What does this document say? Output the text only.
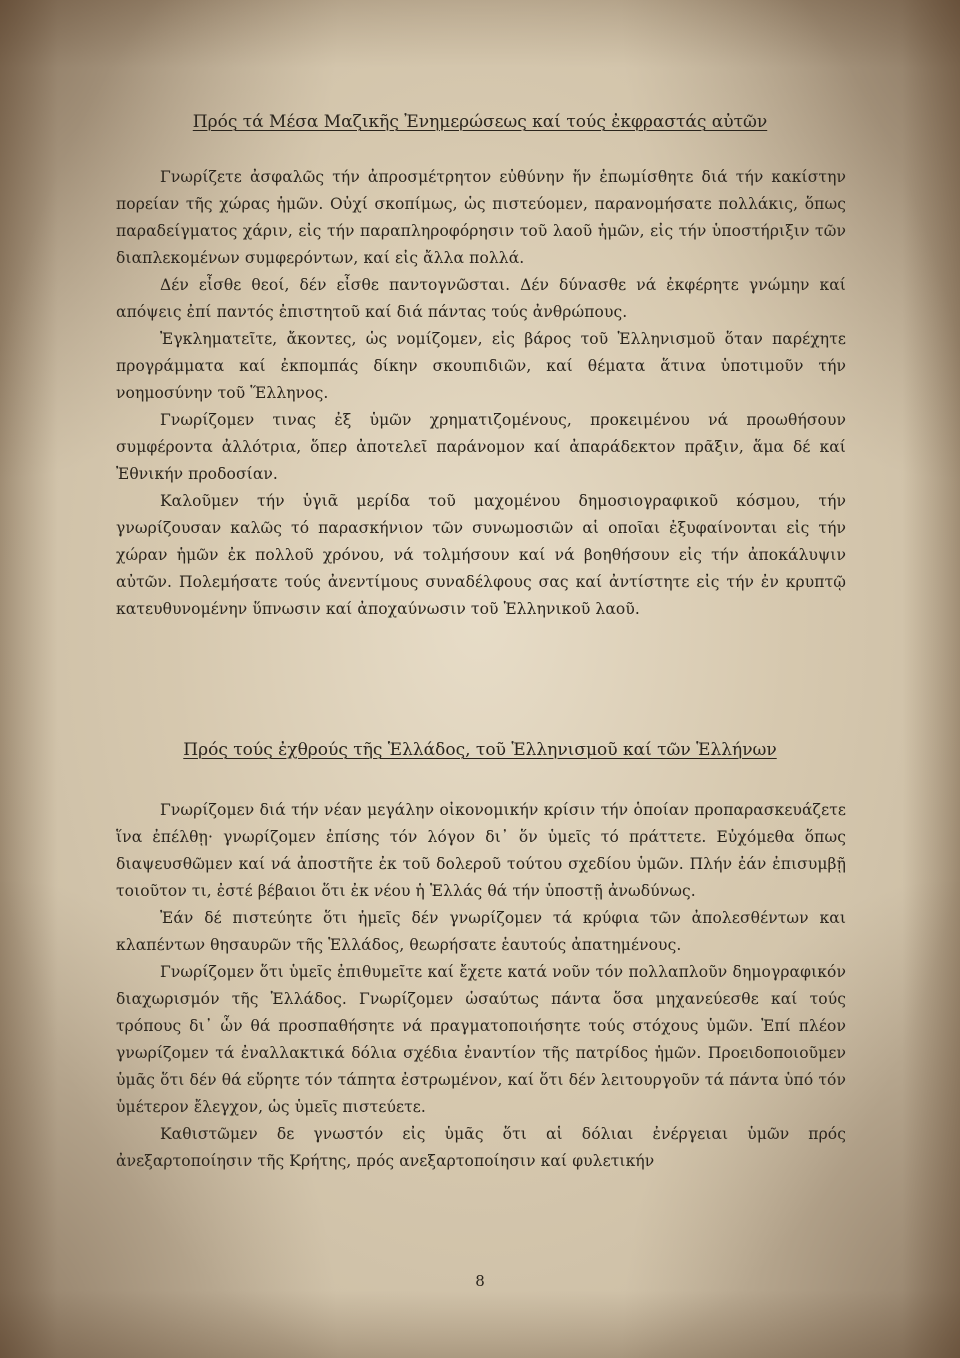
Πρός τά Μέσα Μαζικῆς Ἐνημερώσεως καί τούς ἐκφραστάς αὐτῶν

Γνωρίζετε ἀσφαλῶς τήν ἀπροσμέτρητον εὐθύνην ἥν ἐπωμίσθητε διά τήν κακίστην πορείαν τῆς χώρας ἡμῶν. Οὐχί σκοπίμως, ὡς πιστεύομεν, παρανομήσατε πολλάκις, ὅπως παραδείγματος χάριν, εἰς τήν παραπληροφόρησιν τοῦ λαοῦ ἡμῶν, εἰς τήν ὑποστήριξιν τῶν διαπλεκομένων συμφερόντων, καί εἰς ἄλλα πολλά.

Δέν εἶσθε θεοί, δέν εἶσθε παντογνῶσται. Δέν δύνασθε νά ἐκφέρητε γνώμην καί απόψεις ἐπί παντός ἐπιστητοῦ καί διά πάντας τούς ἀνθρώπους.

Ἐγκληματεῖτε, ἄκοντες, ὡς νομίζομεν, εἰς βάρος τοῦ Ἑλληνισμοῦ ὅταν παρέχητε προγράμματα καί ἐκπομπάς δίκην σκουπιδιῶν, καί θέματα ἅτινα ὑποτιμοῦν τήν νοημοσύνην τοῦ Ἕλληνος.

Γνωρίζομεν τινας ἐξ ὑμῶν χρηματιζομένους, προκειμένου νά προωθήσουν συμφέροντα ἀλλότρια, ὅπερ ἀποτελεῖ παράνομον καί ἀπαράδεκτον πρᾶξιν, ἅμα δέ καί Ἐθνικήν προδοσίαν.

Καλοῦμεν τήν ὑγιᾶ μερίδα τοῦ μαχομένου δημοσιογραφικοῦ κόσμου, τήν γνωρίζουσαν καλῶς τό παρασκήνιον τῶν συνωμοσιῶν αἱ οποῖαι ἐξυφαίνονται εἰς τήν χώραν ἡμῶν ἐκ πολλοῦ χρόνου, νά τολμήσουν καί νά βοηθήσουν εἰς τήν ἀποκάλυψιν αὐτῶν. Πολεμήσατε τούς ἀνεντίμους συναδέλφους σας καί ἀντίστητε εἰς τήν ἐν κρυπτῷ κατευθυνομένην ὕπνωσιν καί ἀποχαύνωσιν τοῦ Ἑλληνικοῦ λαοῦ.

Πρός τούς ἐχθρούς τῆς Ἑλλάδος, τοῦ Ἑλληνισμοῦ καί τῶν Ἑλλήνων

Γνωρίζομεν διά τήν νέαν μεγάλην οἰκονομικήν κρίσιν τήν ὁποίαν προπαρασκευάζετε ἵνα ἐπέλθῃ· γνωρίζομεν ἐπίσης τόν λόγον δι᾽ ὅν ὑμεῖς τό πράττετε. Εὐχόμεθα ὅπως διαψευσθῶμεν καί νά ἀποστῆτε ἐκ τοῦ δολεροῦ τούτου σχεδίου ὑμῶν. Πλήν ἐάν ἐπισυμβῇ τοιοῦτον τι, ἐστέ βέβαιοι ὅτι ἐκ νέου ἡ Ἑλλάς θά τήν ὑποστῇ ἀνωδύνως.

Ἐάν δέ πιστεύητε ὅτι ἡμεῖς δέν γνωρίζομεν τά κρύφια τῶν ἀπολεσθέντων και κλαπέντων θησαυρῶν τῆς Ἑλλάδος, θεωρήσατε ἑαυτούς ἀπατημένους.

Γνωρίζομεν ὅτι ὑμεῖς ἐπιθυμεῖτε καί ἔχετε κατά νοῦν τόν πολλαπλοῦν δημογραφικόν διαχωρισμόν τῆς Ἑλλάδος. Γνωρίζομεν ὡσαύτως πάντα ὅσα μηχανεύεσθε καί τούς τρόπους δι᾽ ὧν θά προσπαθήσητε νά πραγματοποιήσητε τούς στόχους ὑμῶν. Ἐπί πλέον γνωρίζομεν τά ἐναλλακτικά δόλια σχέδια ἐναντίον τῆς πατρίδος ἡμῶν. Προειδοποιοῦμεν ὑμᾶς ὅτι δέν θά εὕρητε τόν τάπητα ἐστρωμένον, καί ὅτι δέν λειτουργοῦν τά πάντα ὑπό τόν ὑμέτερον ἔλεγχον, ὡς ὑμεῖς πιστεύετε.

Καθιστῶμεν δε γνωστόν εἰς ὑμᾶς ὅτι αἱ δόλιαι ἐνέργειαι ὑμῶν πρός ἀνεξαρτοποίησιν τῆς Κρήτης, πρός ανεξαρτοποίησιν καί φυλετικήν

8
